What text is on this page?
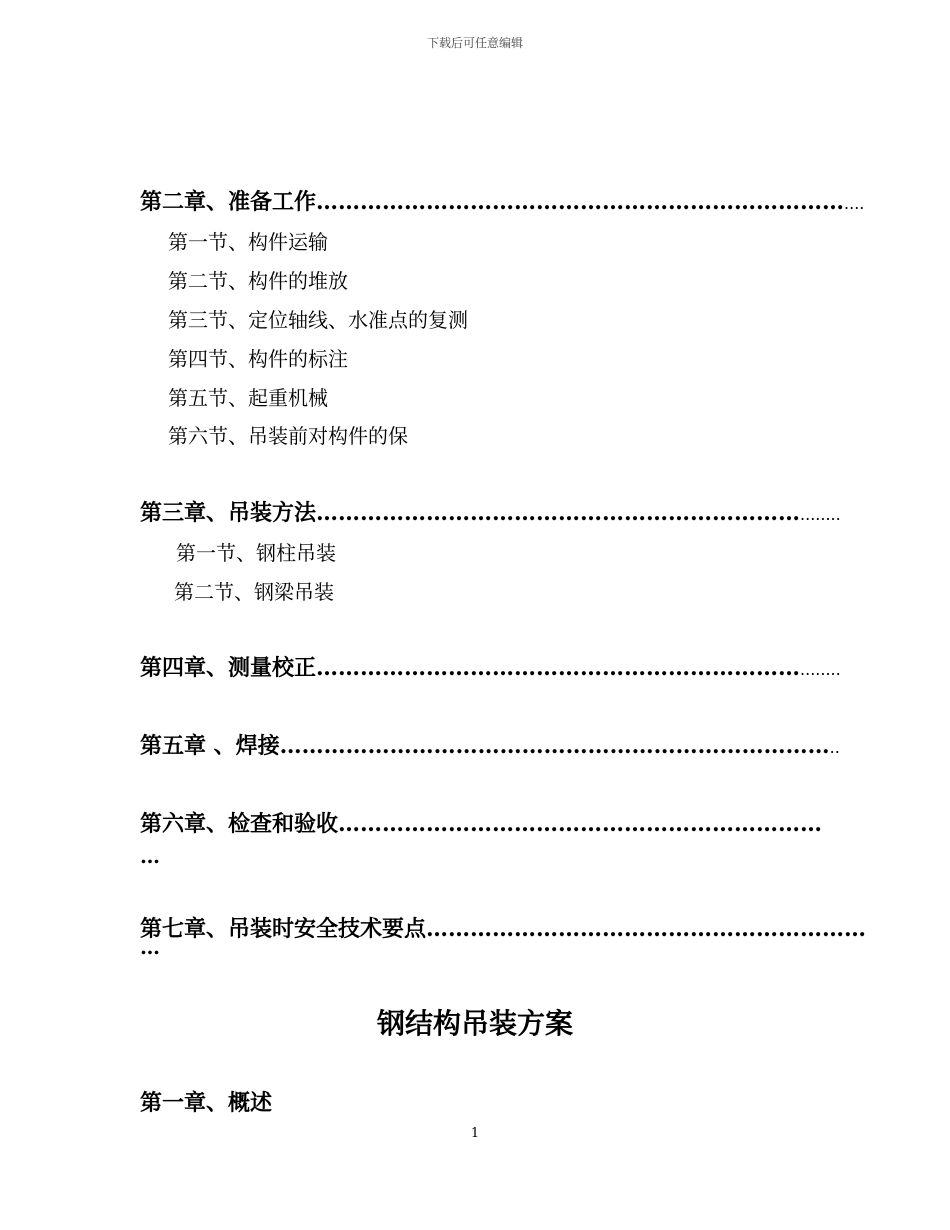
下载后可任意编辑
第二章、准备工作………………………………………………………………....
第一节、构件运输
第二节、构件的堆放
第三节、定位轴线、水准点的复测
第四节、构件的标注
第五节、起重机械
第六节、吊装前对构件的保
第三章、吊装方法…………………………………………………………........
第一节、钢柱吊装
第二节、钢梁吊装
第四章、测量校正…………………………………………………………........
第五章 、焊接…………………………………………………………………..
第六章、检查和验收…………………………………………………………
…
第七章、吊装时安全技术要点……………………………………………………
…
钢结构吊装方案
第一章、概述
1
